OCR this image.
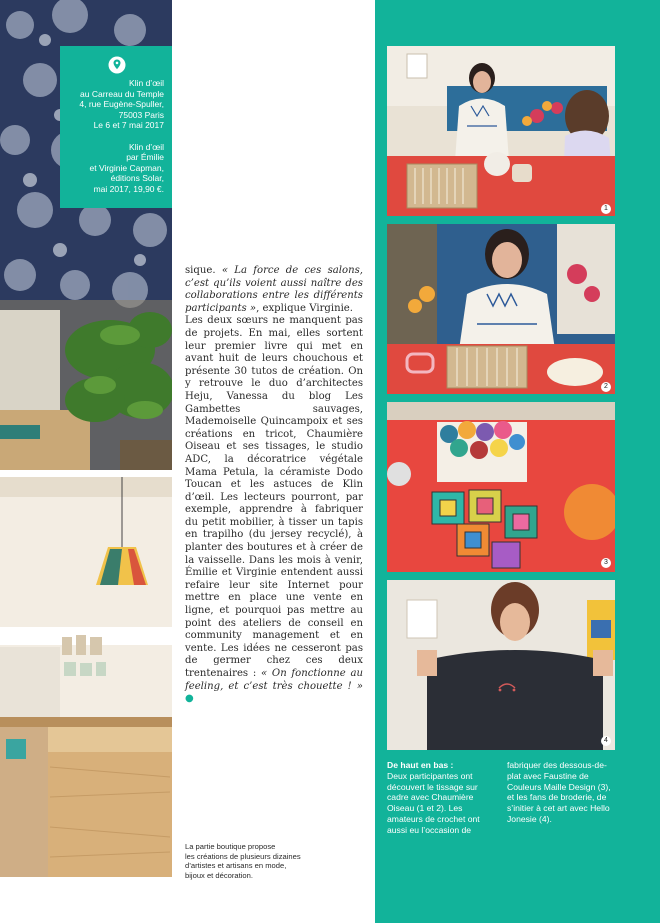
Klin d’œil
au Carreau du Temple
4, rue Eugène-Spuller,
75003 Paris
Le 6 et 7 mai 2017
Klin d’œil
par Émilie
et Virginie Capman,
éditions Solar,
mai 2017, 19,90 €.

sique. « La force de ces salons, c’est qu’ils voient aussi naître des collaborations entre les différents participants », explique Virginie.

Les deux sœurs ne manquent pas de projets. En mai, elles sortent leur premier livre qui met en avant huit de leurs chouchous et présente 30 tutos de création. On y retrouve le duo d’architectes Heju, Vanessa du blog Les Gambettes sauvages, Mademoiselle Quincampoix et ses créations en tricot, Chaumière Oiseau et ses tissages, le studio ADC, la décoratrice végétale Mama Petula, la céramiste Dodo Toucan et les astuces de Klin d’œil. Les lecteurs pourront, par exemple, apprendre à fabriquer du petit mobilier, à tisser un tapis en trapilho (du jersey recyclé), à planter des boutures et à créer de la vaisselle. Dans les mois à venir, Émilie et Virginie entendent aussi refaire leur site Internet pour mettre en place une vente en ligne, et pourquoi pas mettre au point des ateliers de conseil en community management et en vente. Les idées ne cesseront pas de germer chez ces deux trentenaires : « On fonctionne au feeling, et c’est très chouette ! » ●

La partie boutique propose
les créations de plusieurs dizaines
d’artistes et artisans en mode,
bijoux et décoration.
1
2
3
4
De haut en bas :
Deux participantes ont découvert le tissage sur cadre avec Chaumière Oiseau (1 et 2). Les amateurs de crochet ont aussi eu l’occasion de
fabriquer des dessous-de-plat avec Faustine de Couleurs Maille Design (3), et les fans de broderie, de s’initier à cet art avec Hello Jonesie (4).
